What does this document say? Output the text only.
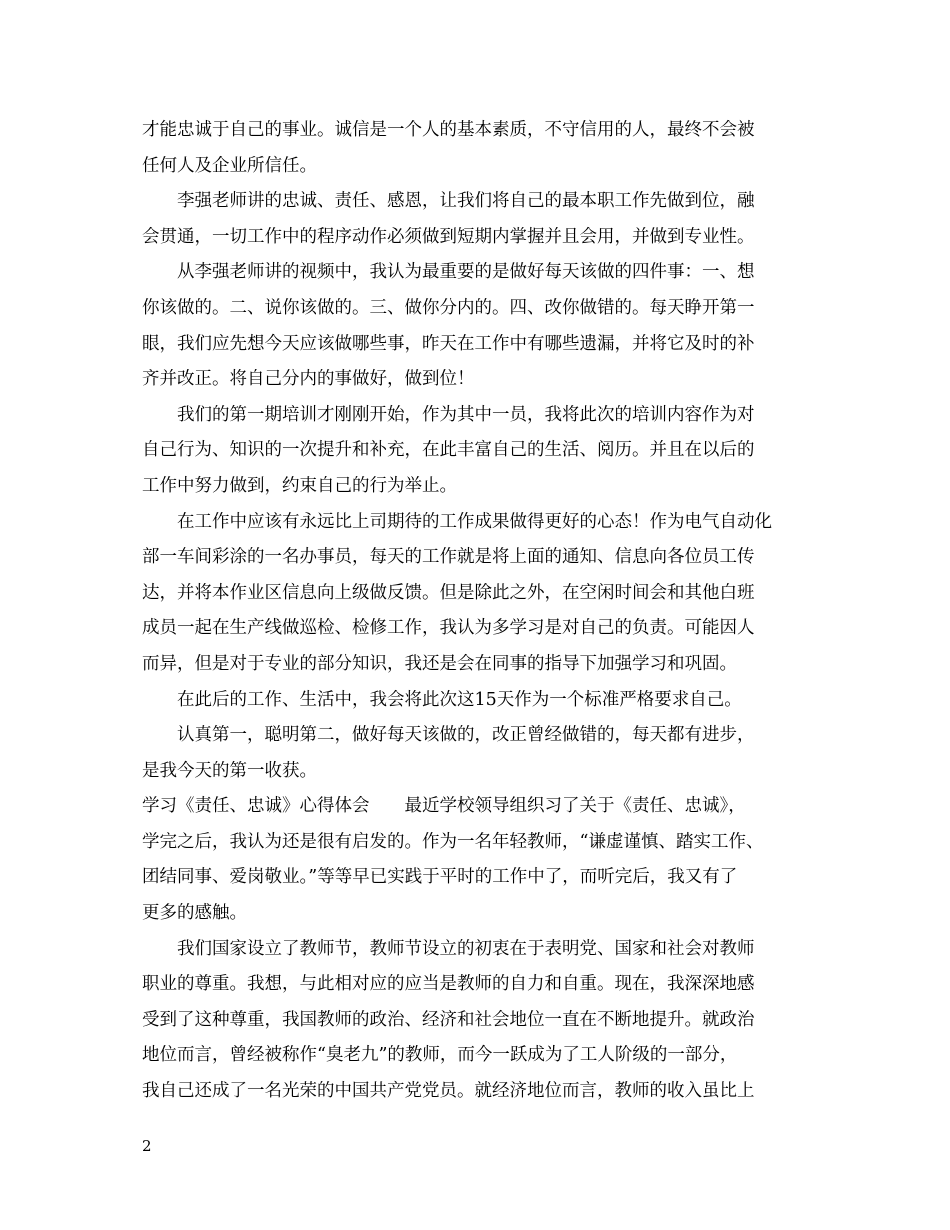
才能忠诚于自己的事业。诚信是一个人的基本素质，不守信用的人，最终不会被
任何人及企业所信任。
李强老师讲的忠诚、责任、感恩，让我们将自己的最本职工作先做到位，融
会贯通，一切工作中的程序动作必须做到短期内掌握并且会用，并做到专业性。
从李强老师讲的视频中，我认为最重要的是做好每天该做的四件事：一、想
你该做的。二、说你该做的。三、做你分内的。四、改你做错的。每天睁开第一
眼，我们应先想今天应该做哪些事，昨天在工作中有哪些遗漏，并将它及时的补
齐并改正。将自己分内的事做好，做到位！
我们的第一期培训才刚刚开始，作为其中一员，我将此次的培训内容作为对
自己行为、知识的一次提升和补充，在此丰富自己的生活、阅历。并且在以后的
工作中努力做到，约束自己的行为举止。
在工作中应该有永远比上司期待的工作成果做得更好的心态！作为电气自动化
部一车间彩涂的一名办事员，每天的工作就是将上面的通知、信息向各位员工传
达，并将本作业区信息向上级做反馈。但是除此之外，在空闲时间会和其他白班
成员一起在生产线做巡检、检修工作，我认为多学习是对自己的负责。可能因人
而异，但是对于专业的部分知识，我还是会在同事的指导下加强学习和巩固。
在此后的工作、生活中，我会将此次这15天作为一个标准严格要求自己。
认真第一，聪明第二，做好每天该做的，改正曾经做错的，每天都有进步，
是我今天的第一收获。
学习《责任、忠诚》心得体会　　最近学校领导组织习了关于《责任、忠诚》，
学完之后，我认为还是很有启发的。作为一名年轻教师，“谦虚谨慎、踏实工作、
团结同事、爱岗敬业。”等等早已实践于平时的工作中了，而听完后，我又有了
更多的感触。
我们国家设立了教师节，教师节设立的初衷在于表明党、国家和社会对教师
职业的尊重。我想，与此相对应的应当是教师的自力和自重。现在，我深深地感
受到了这种尊重，我国教师的政治、经济和社会地位一直在不断地提升。就政治
地位而言，曾经被称作“臭老九”的教师，而今一跃成为了工人阶级的一部分，
我自己还成了一名光荣的中国共产党党员。就经济地位而言，教师的收入虽比上
2
